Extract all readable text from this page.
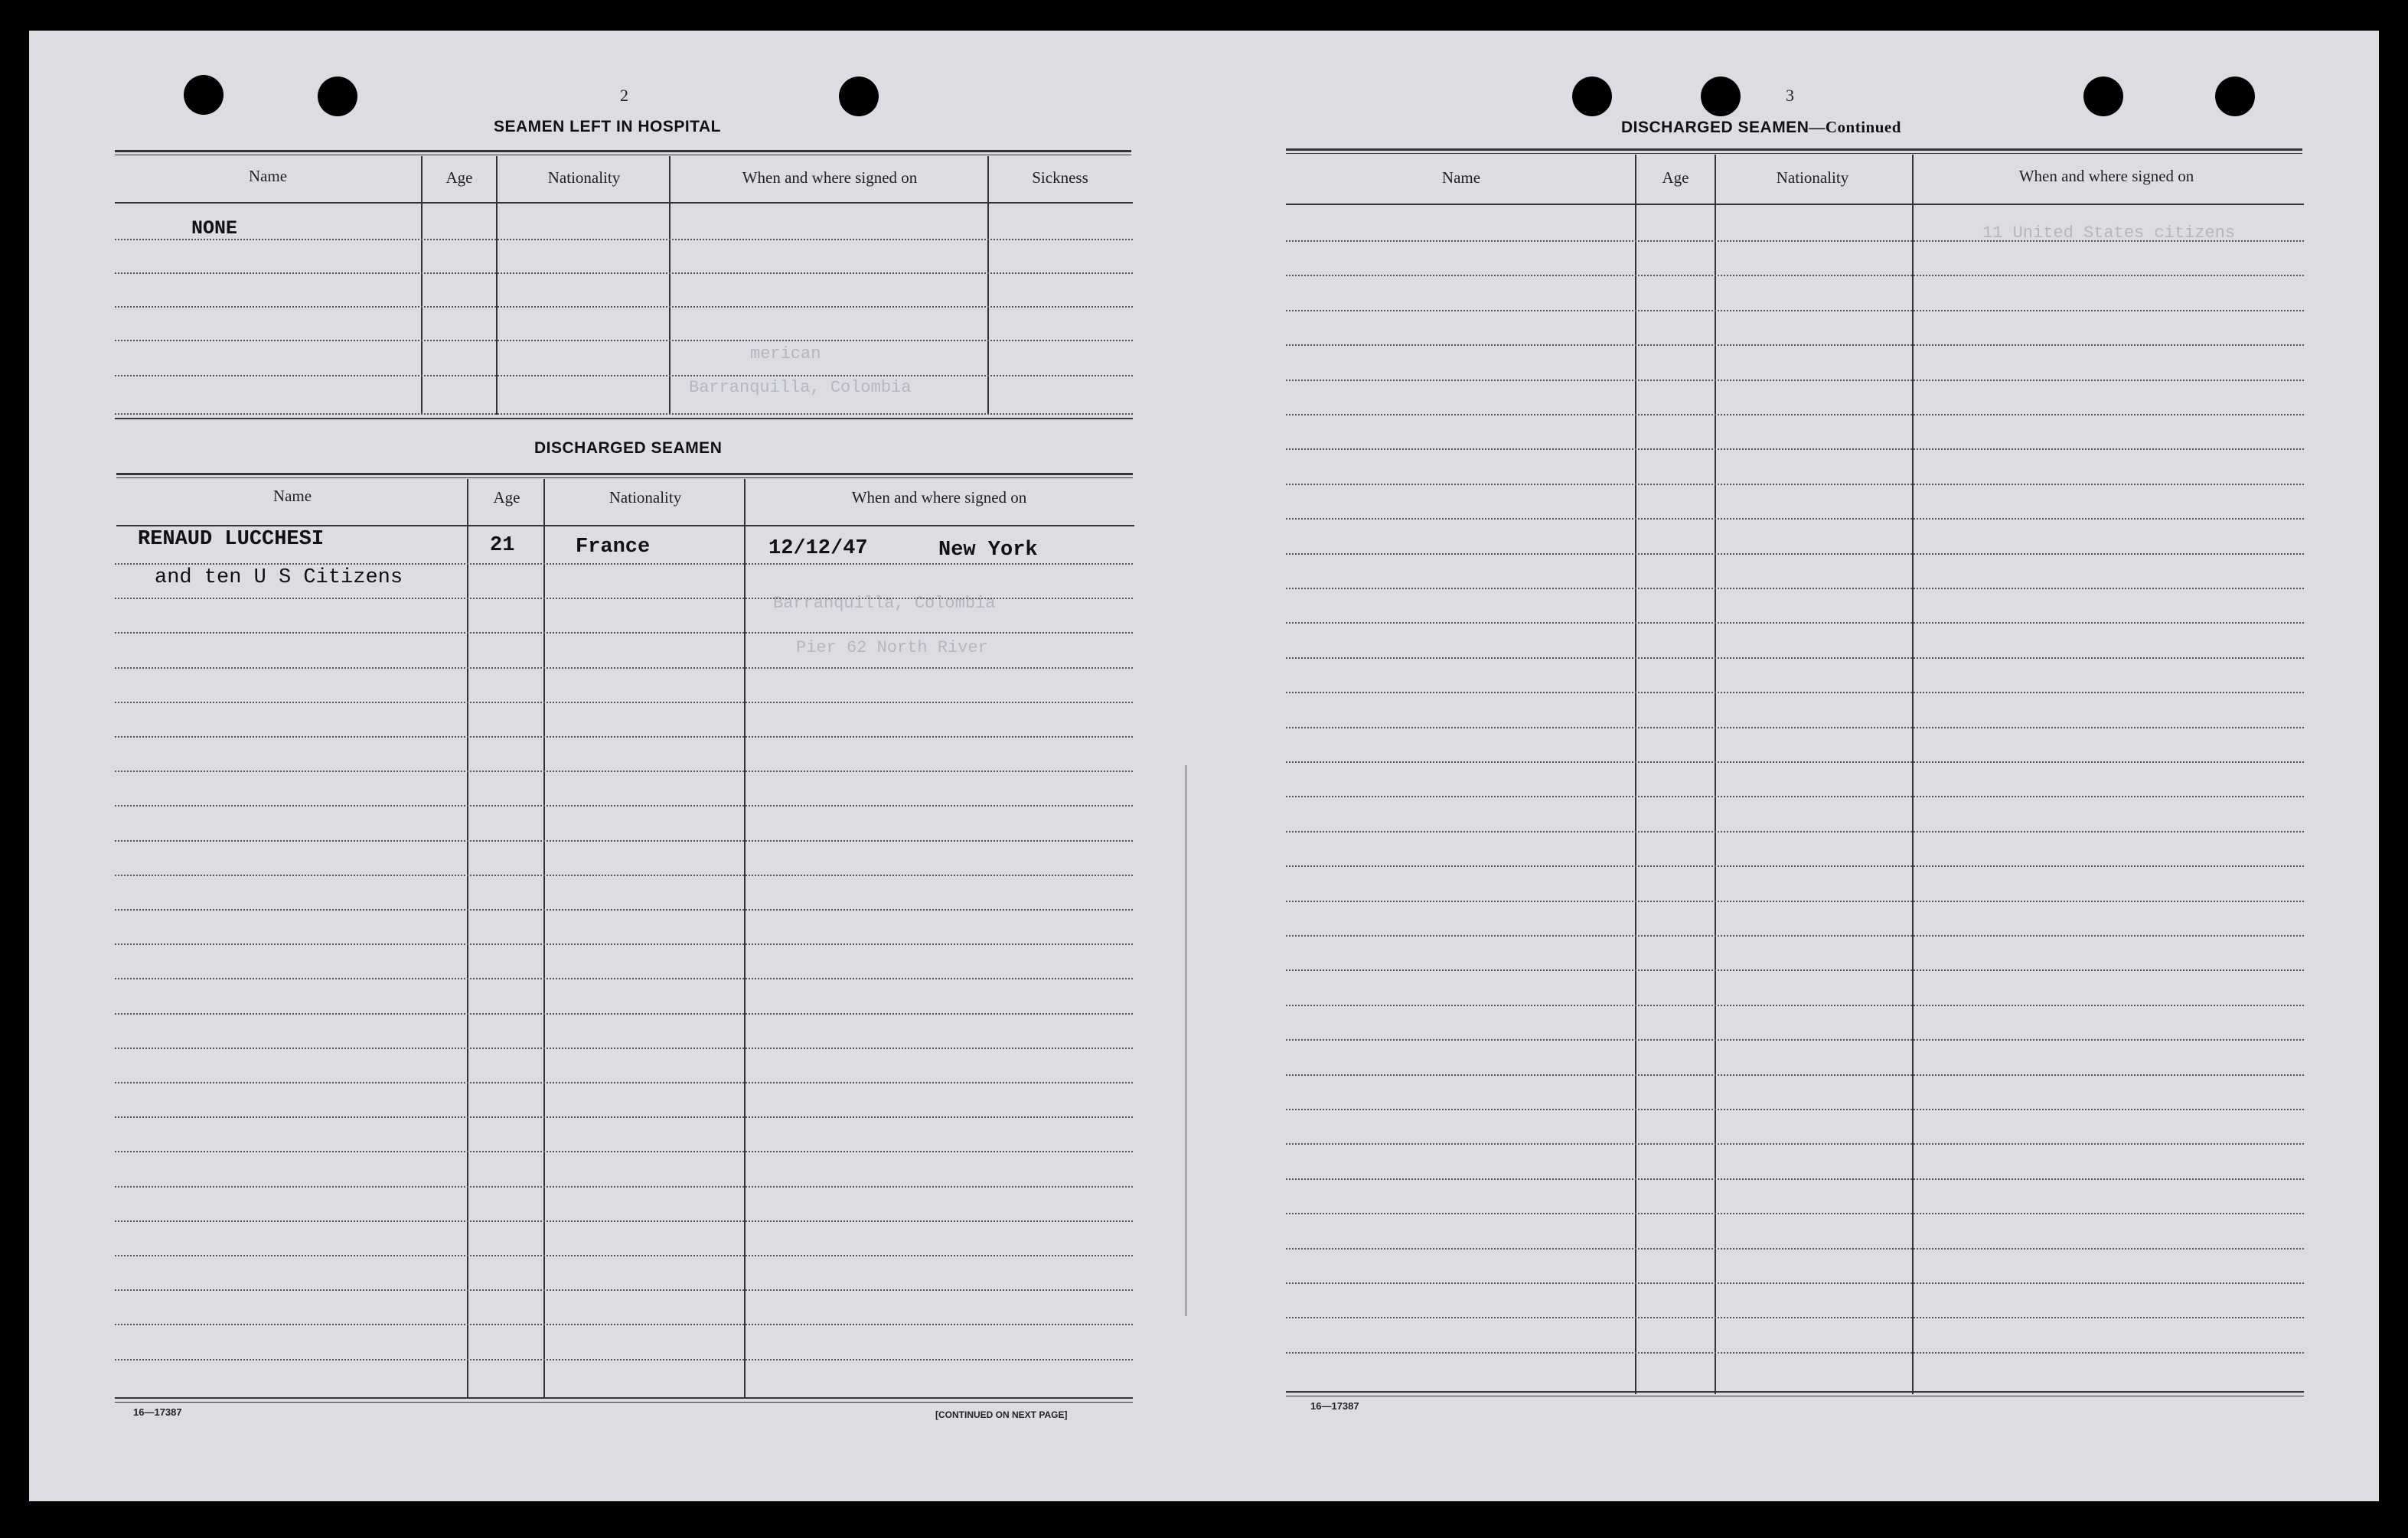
merican
Barranquilla, Colombia
Barranquilla, Colombia
Pier 62 North River
11 United States citizens
2
SEAMEN LEFT IN HOSPITAL
Name	Age	Nationality	When and where signed on	Sickness
NONE
DISCHARGED SEAMEN
Name	Age	Nationality	When and where signed on
RENAUD LUCCHESI	21	France	12/12/47	New York
and ten U S Citizens
16—17387	[CONTINUED ON NEXT PAGE]
3
DISCHARGED SEAMEN—Continued
Name	Age	Nationality	When and where signed on
16—17387
